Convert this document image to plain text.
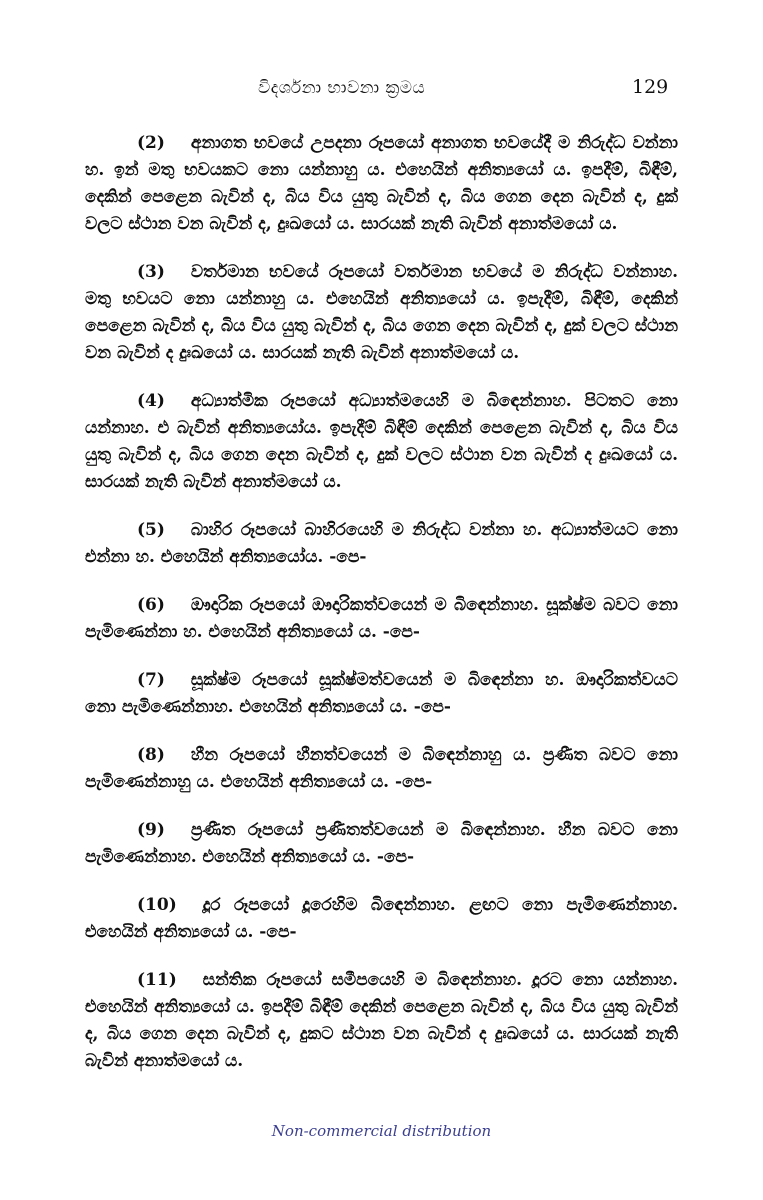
විදර්ශනා භාවනා ක්‍රමය	129

(2) අනාගත භවයේ උපදනා රූපයෝ අනාගත භවයේදී ම නිරුද්ධ වන්නා හ. ඉන් මතු භවයකට නො යන්නාහු ය. එහෙයින් අනිත්‍යයෝ ය. ඉපදීම්, බිඳීම්, දෙකින් පෙළෙන බැවින් ද, බිය විය යුතු බැවින් ද, බිය ගෙන දෙන බැවින් ද, දුක් වලට ස්ථාන වන බැවින් ද, දුඃඛයෝ ය. සාරයක් නැති බැවින් අනාත්මයෝ ය.

(3) වර්තමාන භවයේ රූපයෝ වර්තමාන භවයේ ම නිරුද්ධ වන්නාහ. මතු භවයට නො යන්නාහු ය. එහෙයින් අනිත්‍යයෝ ය. ඉපැදීම්, බිඳීම්, දෙකින් පෙළෙන බැවින් ද, බිය විය යුතු බැවින් ද, බිය ගෙන දෙන බැවින් ද, දුක් වලට ස්ථාන වන බැවින් ද දුඃඛයෝ ය. සාරයක් නැති බැවින් අනාත්මයෝ ය.

(4) අධ්‍යාත්මික රූපයෝ අධ්‍යාත්මයෙහි ම බිඳෙන්නාහ. පිටතට නො යන්නාහ. එ බැවින් අනිත්‍යයෝය. ඉපැදීම් බිඳීම් දෙකින් පෙළෙන බැවින් ද, බිය විය යුතු බැවින් ද, බිය ගෙන දෙන බැවින් ද, දුක් වලට ස්ථාන වන බැවින් ද දුඃඛයෝ ය. සාරයක් නැති බැවින් අනාත්මයෝ ය.

(5) බාහිර රූපයෝ බාහිරයෙහි ම නිරුද්ධ වන්නා හ. අධ්‍යාත්මයට නො එන්නා හ. එහෙයින් අනිත්‍යයෝය. -පෙ-

(6) ඖදාරික රූපයෝ ඖදාරිකත්වයෙන් ම බිඳෙන්නාහ. සූක්ෂ්ම බවට නො පැමිණෙන්නා හ. එහෙයින් අනිත්‍යයෝ ය. -පෙ-

(7) සූක්ෂ්ම රූපයෝ සූක්ෂ්මත්වයෙන් ම බිඳෙන්නා හ. ඖදාරිකත්වයට නො පැමිණෙන්නාහ. එහෙයින් අනිත්‍යයෝ ය. -පෙ-

(8) හීන රූපයෝ හීනත්වයෙන් ම බිඳෙන්නාහු ය. ප්‍රණීත බවට නො පැමිණෙන්නාහු ය. එහෙයින් අනිත්‍යයෝ ය. -පෙ-

(9) ප්‍රණීත රූපයෝ ප්‍රණීතත්වයෙන් ම බිඳෙන්නාහ. හීන බවට නො පැමිණෙන්නාහ. එහෙයින් අනිත්‍යයෝ ය. -පෙ-

(10) දූර රූපයෝ දූරෙහිම බිඳෙන්නාහ. ළඟට නො පැමිණෙන්නාහ. එහෙයින් අනිත්‍යයෝ ය. -පෙ-

(11) සන්තික රූපයෝ සමීපයෙහි ම බිඳෙන්නාහ. දූරට නො යන්නාහ. එහෙයින් අනිත්‍යයෝ ය. ඉපදීම් බිඳීම් දෙකින් පෙළෙන බැවින් ද, බිය විය යුතු බැවින් ද, බිය ගෙන දෙන බැවින් ද, දුකට ස්ථාන වන බැවින් ද දුඃඛයෝ ය. සාරයක් නැති බැවින් අනාත්මයෝ ය.

Non-commercial distribution
